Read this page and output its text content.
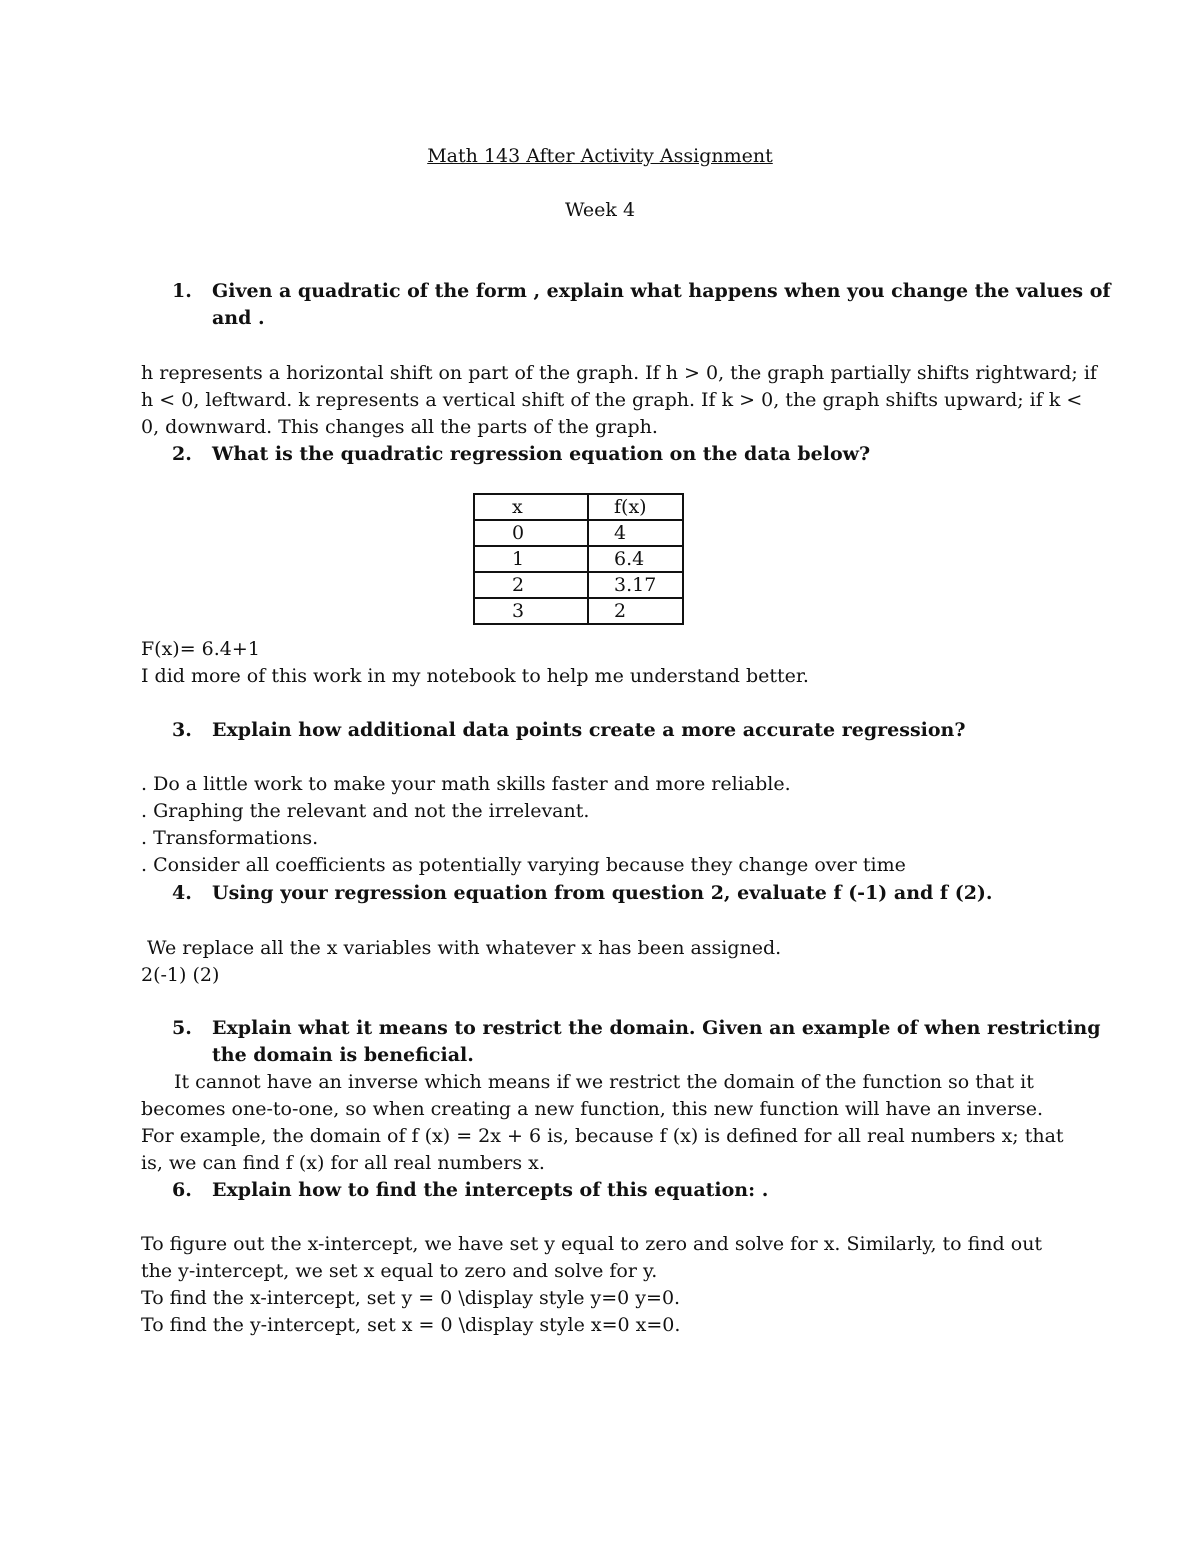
Math 143 After Activity Assignment
Week 4
1. Given a quadratic of the form , explain what happens when you change the values of
and .
h represents a horizontal shift on part of the graph. If h > 0, the graph partially shifts rightward; if
h < 0, leftward. k represents a vertical shift of the graph. If k > 0, the graph shifts upward; if k <
0, downward. This changes all the parts of the graph.
2. What is the quadratic regression equation on the data below?
x	f(x)
0	4
1	6.4
2	3.17
3	2
F(x)= 6.4+1
I did more of this work in my notebook to help me understand better.
3. Explain how additional data points create a more accurate regression?
. Do a little work to make your math skills faster and more reliable.
. Graphing the relevant and not the irrelevant.
. Transformations.
. Consider all coefficients as potentially varying because they change over time
4. Using your regression equation from question 2, evaluate f (-1) and f (2).
We replace all the x variables with whatever x has been assigned.
2(-1) (2)
5. Explain what it means to restrict the domain. Given an example of when restricting
the domain is beneficial.
It cannot have an inverse which means if we restrict the domain of the function so that it
becomes one-to-one, so when creating a new function, this new function will have an inverse.
For example, the domain of f (x) = 2x + 6 is, because f (x) is defined for all real numbers x; that
is, we can find f (x) for all real numbers x.
6. Explain how to find the intercepts of this equation: .
To figure out the x-intercept, we have set y equal to zero and solve for x. Similarly, to find out
the y-intercept, we set x equal to zero and solve for y.
To find the x-intercept, set y = 0 \display style y=0 y=0.
To find the y-intercept, set x = 0 \display style x=0 x=0.
